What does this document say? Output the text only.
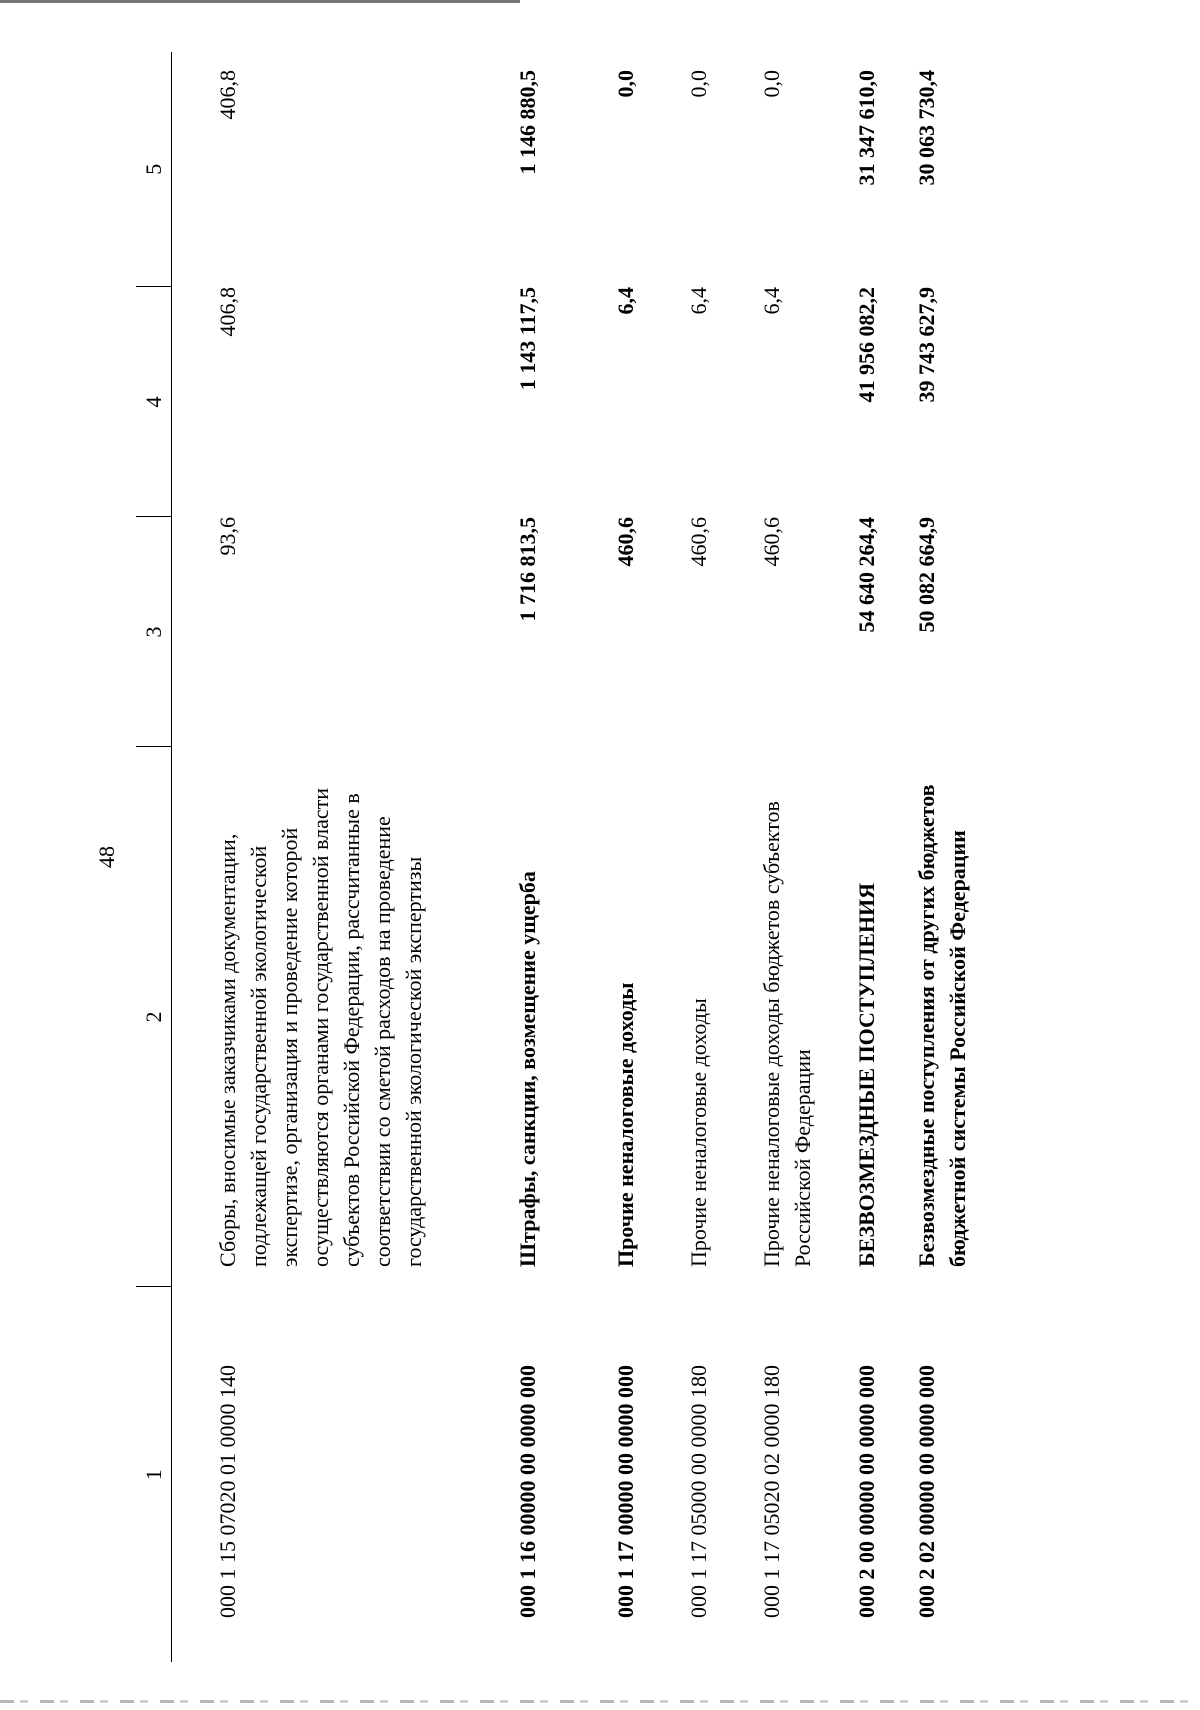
48
1	2	3	4	5
000 1 15 07020 01 0000 140	Сборы, вносимые заказчиками документации, подлежащей государственной экологической экспертизе, организация и проведение которой осуществляются органами государственной власти субъектов Российской Федерации, рассчитанные в соответствии со сметой расходов на проведение государственной экологической экспертизы	93,6	406,8	406,8
000 1 16 00000 00 0000 000	Штрафы, санкции, возмещение ущерба	1 716 813,5	1 143 117,5	1 146 880,5
000 1 17 00000 00 0000 000	Прочие неналоговые доходы	460,6	6,4	0,0
000 1 17 05000 00 0000 180	Прочие неналоговые доходы	460,6	6,4	0,0
000 1 17 05020 02 0000 180	Прочие неналоговые доходы бюджетов субъектов Российской Федерации	460,6	6,4	0,0
000 2 00 00000 00 0000 000	БЕЗВОЗМЕЗДНЫЕ ПОСТУПЛЕНИЯ	54 640 264,4	41 956 082,2	31 347 610,0
000 2 02 00000 00 0000 000	Безвозмездные поступления от других бюджетов бюджетной системы Российской Федерации	50 082 664,9	39 743 627,9	30 063 730,4
